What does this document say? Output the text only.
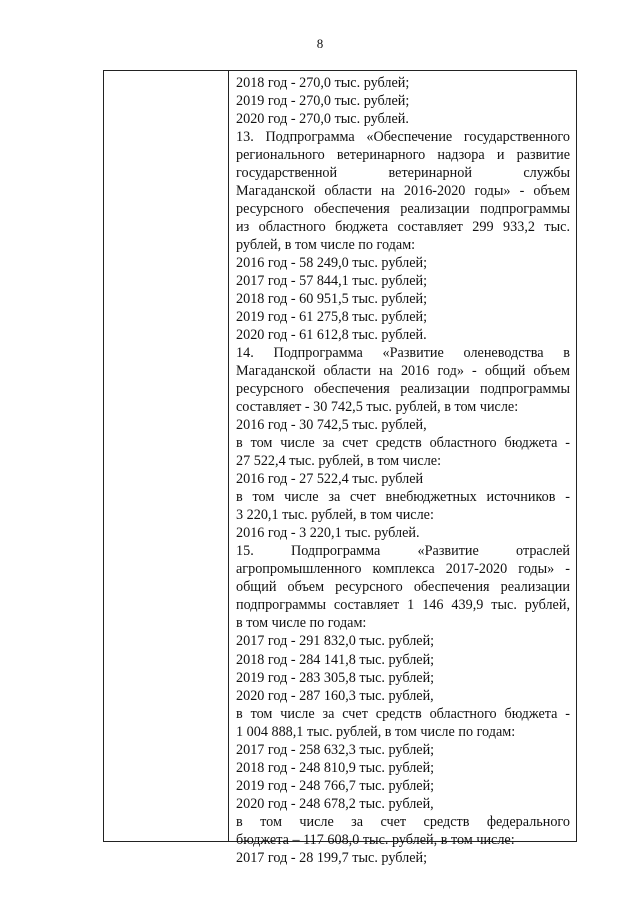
8
2018 год - 270,0 тыс. рублей;
2019 год - 270,0 тыс. рублей;
2020 год - 270,0 тыс. рублей.
13. Подпрограмма «Обеспечение государственного
регионального ветеринарного надзора и развитие
государственной ветеринарной службы
Магаданской области на 2016-2020 годы» - объем
ресурсного обеспечения реализации подпрограммы
из областного бюджета составляет 299 933,2 тыс.
рублей, в том числе по годам:
2016 год - 58 249,0 тыс. рублей;
2017 год - 57 844,1 тыс. рублей;
2018 год - 60 951,5 тыс. рублей;
2019 год - 61 275,8 тыс. рублей;
2020 год - 61 612,8 тыс. рублей.
14. Подпрограмма «Развитие оленеводства в
Магаданской области на 2016 год» - общий объем
ресурсного обеспечения реализации подпрограммы
составляет - 30 742,5 тыс. рублей, в том числе:
2016 год - 30 742,5 тыс. рублей,
в том числе за счет средств областного бюджета -
27 522,4 тыс. рублей, в том числе:
2016 год - 27 522,4 тыс. рублей
в том числе за счет внебюджетных источников -
3 220,1 тыс. рублей, в том числе:
2016 год - 3 220,1 тыс. рублей.
15. Подпрограмма «Развитие отраслей
агропромышленного комплекса 2017-2020 годы» -
общий объем ресурсного обеспечения реализации
подпрограммы составляет 1 146 439,9 тыс. рублей,
в том числе по годам:
2017 год - 291 832,0 тыс. рублей;
2018 год - 284 141,8 тыс. рублей;
2019 год - 283 305,8 тыс. рублей;
2020 год - 287 160,3 тыс. рублей,
в том числе за счет средств областного бюджета -
1 004 888,1 тыс. рублей, в том числе по годам:
2017 год - 258 632,3 тыс. рублей;
2018 год - 248 810,9 тыс. рублей;
2019 год - 248 766,7 тыс. рублей;
2020 год - 248 678,2 тыс. рублей,
в том числе за счет средств федерального
бюджета – 117 608,0 тыс. рублей, в том числе:
2017 год - 28 199,7 тыс. рублей;
